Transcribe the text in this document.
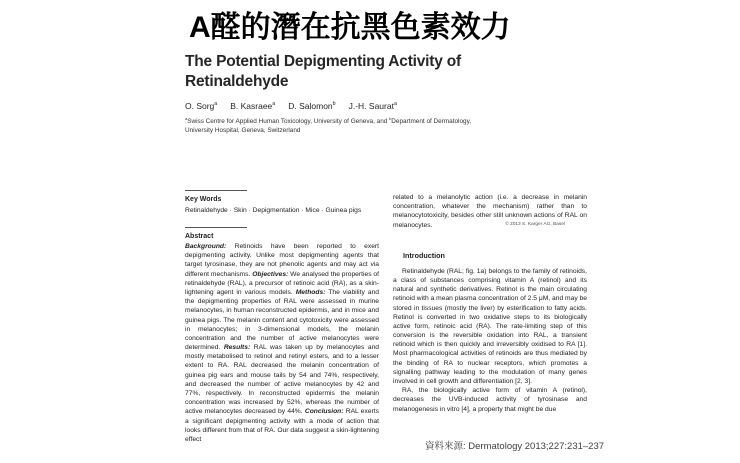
A醛的潛在抗黑色素效力
The Potential Depigmenting Activity of Retinaldehyde
O. Sorg$^a$ B. Kasraee$^a$ D. Salomon$^b$ J.-H. Saurat$^a$

$^a$Swiss Centre for Applied Human Toxicology, University of Geneva, and $^b$Department of Dermatology, University Hospital, Geneva, Switzerland

Key Words

Retinaldehyde · Skin · Depigmentation · Mice · Guinea pigs

Abstract

Background: Retinoids have been reported to exert depigmenting activity. Unlike most depigmenting agents that target tyrosinase, they are not phenolic agents and may act via different mechanisms. Objectives: We analysed the properties of retinaldehyde (RAL), a precursor of retinoic acid (RA), as a skin-lightening agent in various models. Methods: The viability and the depigmenting properties of RAL were assessed in murine melanocytes, in human reconstructed epidermis, and in mice and guinea pigs. The melanin content and cytotoxicity were assessed in melanocytes; in 3-dimensional models, the melanin concentration and the number of active melanocytes were determined. Results: RAL was taken up by melanocytes and mostly metabolised to retinol and retinyl esters, and to a lesser extent to RA. RAL decreased the melanin concentration of guinea pig ears and mouse tails by 54 and 74%, respectively, and decreased the number of active melanocytes by 42 and 77%, respectively. In reconstructed epidermis the melanin concentration was increased by 52%, whereas the number of active melanocytes decreased by 44%. Conclusion: RAL exerts a significant depigmenting activity with a mode of action that looks different from that of RA. Our data suggest a skin-lightening effect

related to a melanolytic action (i.e. a decrease in melanin concentration, whatever the mechanism) rather than to melanocytotoxicity, besides other still unknown actions of RAL on melanocytes.	© 2013 S. Karger AG, Basel

Introduction

Retinaldehyde (RAL; fig. 1a) belongs to the family of retinoids, a class of substances comprising vitamin A (retinol) and its natural and synthetic derivatives. Retinol is the main circulating retinoid with a mean plasma concentration of 2.5 μM, and may be stored in tissues (mostly the liver) by esterification to fatty acids. Retinol is converted in two oxidative steps to its biologically active form, retinoic acid (RA). The rate-limiting step of this conversion is the reversible oxidation into RAL, a transient retinoid which is then quickly and irreversibly oxidised to RA [1]. Most pharmacological activities of retinoids are thus mediated by the binding of RA to nuclear receptors, which promotes a signalling pathway leading to the modulation of many genes involved in cell growth and differentiation [2, 3].

RA, the biologically active form of vitamin A (retinol), decreases the UVB-induced activity of tyrosinase and melanogenesis in vitro [4], a property that might be due

資料來源: Dermatology 2013;227:231–237
